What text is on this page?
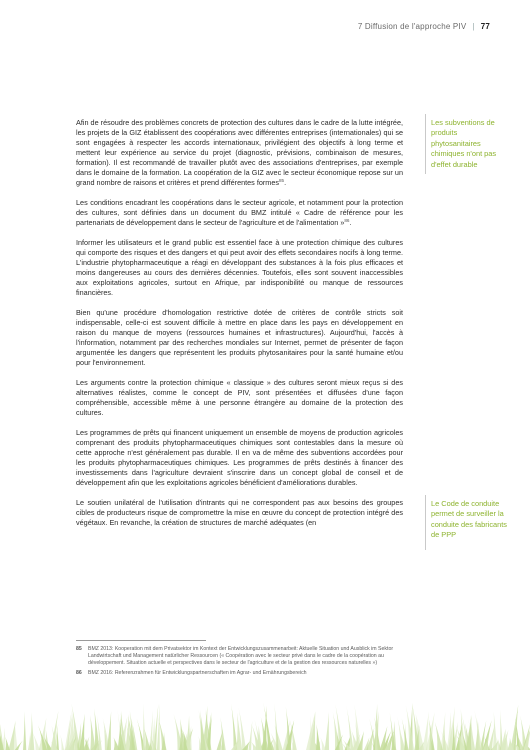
7 Diffusion de l'approche PIV | 77
Les subventions de produits phytosanitaires chimiques n'ont pas d'effet durable
Le Code de conduite permet de surveiller la conduite des fabricants de PPP

Afin de résoudre des problèmes concrets de protection des cultures dans le cadre de la lutte intégrée, les projets de la GIZ établissent des coopérations avec différentes entreprises (internationales) qui se sont engagées à respecter les accords internationaux, privilégient des objectifs à long terme et mettent leur expérience au service du projet (diagnostic, prévisions, combinaison de mesures, formation). Il est recommandé de travailler plutôt avec des associations d'entreprises, par exemple dans le domaine de la formation. La coopération de la GIZ avec le secteur économique repose sur un grand nombre de raisons et critères et prend différentes formes$^{85}$.

Les conditions encadrant les coopérations dans le secteur agricole, et notamment pour la protection des cultures, sont définies dans un document du BMZ intitulé « Cadre de référence pour les partenariats de développement dans le secteur de l'agriculture et de l'alimentation »$^{86}$.

Informer les utilisateurs et le grand public est essentiel face à une protection chimique des cultures qui comporte des risques et des dangers et qui peut avoir des effets secondaires nocifs à long terme. L'industrie phytopharmaceutique a réagi en développant des substances à la fois plus efficaces et moins dangereuses au cours des dernières décennies. Toutefois, elles sont souvent inaccessibles aux exploitations agricoles, surtout en Afrique, par indisponibilité ou manque de ressources financières.

Bien qu'une procédure d'homologation restrictive dotée de critères de contrôle stricts soit indispensable, celle-ci est souvent difficile à mettre en place dans les pays en développement en raison du manque de moyens (ressources humaines et infrastructures). Aujourd'hui, l'accès à l'information, notamment par des recherches mondiales sur Internet, permet de présenter de façon argumentée les dangers que représentent les produits phytosanitaires pour la santé humaine et/ou pour l'environnement.

Les arguments contre la protection chimique « classique » des cultures seront mieux reçus si des alternatives réalistes, comme le concept de PIV, sont présentées et diffusées d'une façon compréhensible, accessible même à une personne étrangère au domaine de la protection des cultures.

Les programmes de prêts qui financent uniquement un ensemble de moyens de production agricoles comprenant des produits phytopharmaceutiques chimiques sont contestables dans la mesure où cette approche n'est généralement pas durable. Il en va de même des subventions accordées pour les produits phytopharmaceutiques chimiques. Les programmes de prêts destinés à financer des investissements dans l'agriculture devraient s'inscrire dans un concept global de conseil et de développement afin que les exploitations agricoles bénéficient d'améliorations durables.

Le soutien unilatéral de l'utilisation d'intrants qui ne correspondent pas aux besoins des groupes cibles de producteurs risque de compromettre la mise en œuvre du concept de protection intégré des végétaux. En revanche, la création de structures de marché adéquates (en

85	BMZ 2013: Kooperation mit dem Privatsektor im Kontext der Entwicklungszusammenarbeit: Aktuelle Situation und Ausblick im Sektor Landwirtschaft und Management natürlicher Ressourcen (« Coopération avec le secteur privé dans le cadre de la coopération au développement. Situation actuelle et perspectives dans le secteur de l'agriculture et de la gestion des ressources naturelles »)
86	BMZ 2016: Referenzrahmen für Entwicklungspartnerschaften im Agrar- und Ernährungsbereich
